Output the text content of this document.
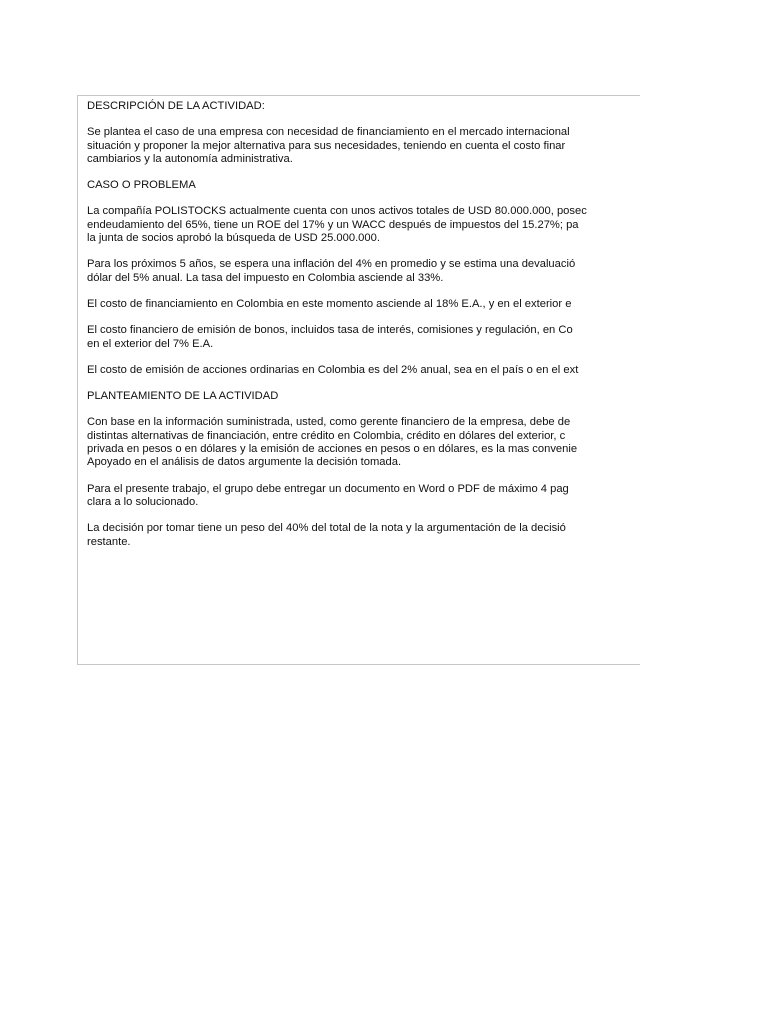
DESCRIPCIÓN DE LA ACTIVIDAD:

Se plantea el caso de una empresa con necesidad de financiamiento en el mercado internacional
situación y proponer la mejor alternativa para sus necesidades, teniendo en cuenta el costo finar
cambiarios y la autonomía administrativa.

CASO O PROBLEMA

La compañía POLISTOCKS actualmente cuenta con unos activos totales de USD 80.000.000, posec
endeudamiento del 65%, tiene un ROE del 17% y un WACC después de impuestos del 15.27%; pa
la junta de socios aprobó la búsqueda de USD 25.000.000.

Para los próximos 5 años, se espera una inflación del 4% en promedio y se estima una devaluació
dólar del 5% anual. La tasa del impuesto en Colombia asciende al 33%.

El costo de financiamiento en Colombia en este momento asciende al 18% E.A., y en el exterior e

El costo financiero de emisión de bonos, incluidos tasa de interés, comisiones y regulación, en Co
en el exterior del 7% E.A.

El costo de emisión de acciones ordinarias en Colombia es del 2% anual, sea en el país o en el ext

PLANTEAMIENTO DE LA ACTIVIDAD

Con base en la información suministrada, usted, como gerente financiero de la empresa, debe de
distintas alternativas de financiación, entre crédito en Colombia, crédito en dólares del exterior, c
privada en pesos o en dólares y la emisión de acciones en pesos o en dólares, es la mas convenie
Apoyado en el análisis de datos argumente la decisión tomada.

Para el presente trabajo, el grupo debe entregar un documento en Word o PDF de máximo 4 pag
clara a lo solucionado.

La decisión por tomar tiene un peso del 40% del total de la nota y la argumentación de la decisió
restante.
